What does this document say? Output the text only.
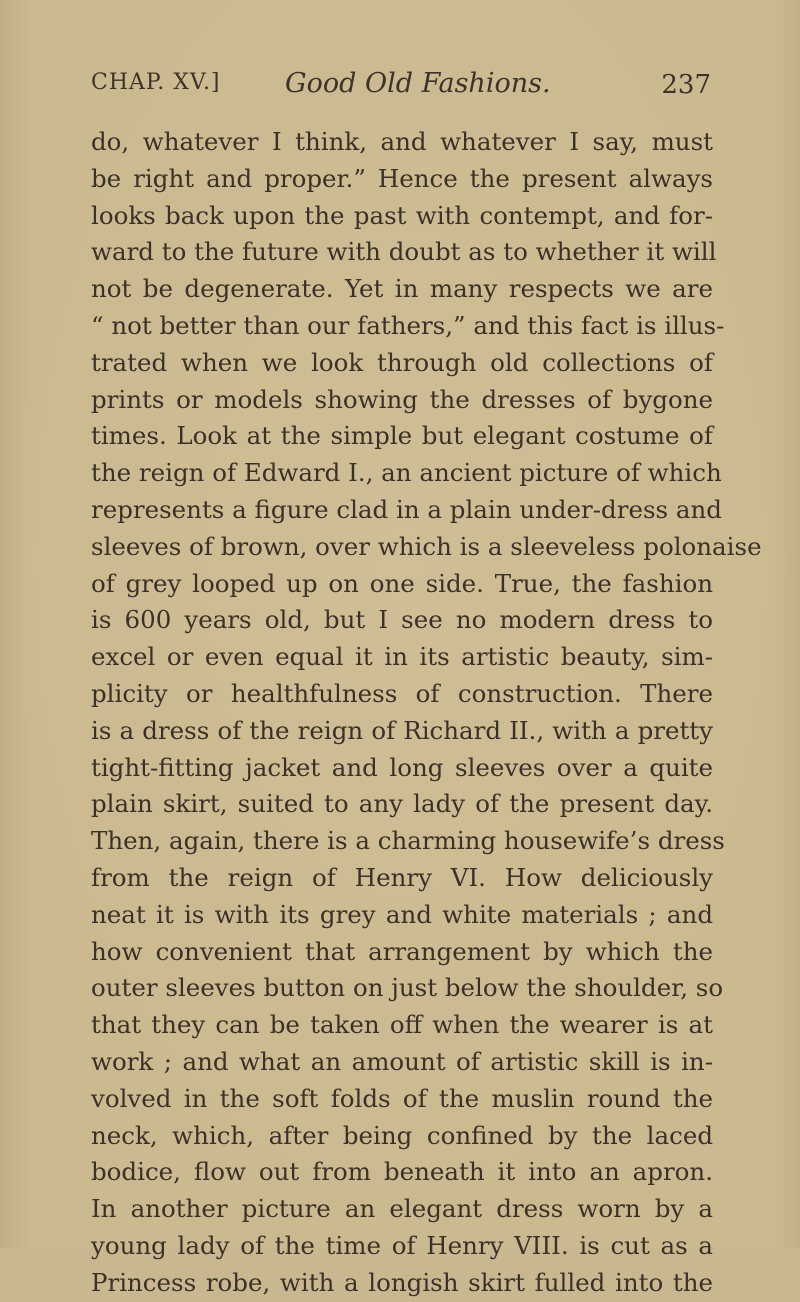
CHAP. XV.] Good Old Fashions.	237
do, whatever I think, and whatever I say, must
be right and proper.” Hence the present always
looks back upon the past with contempt, and for-
ward to the future with doubt as to whether it will
not be degenerate. Yet in many respects we are
“ not better than our fathers,” and this fact is illus-
trated when we look through old collections of
prints or models showing the dresses of bygone
times. Look at the simple but elegant costume of
the reign of Edward I., an ancient picture of which
represents a figure clad in a plain under-dress and
sleeves of brown, over which is a sleeveless polonaise
of grey looped up on one side. True, the fashion
is 600 years old, but I see no modern dress to
excel or even equal it in its artistic beauty, sim-
plicity or healthfulness of construction. There
is a dress of the reign of Richard II., with a pretty
tight-fitting jacket and long sleeves over a quite
plain skirt, suited to any lady of the present day.
Then, again, there is a charming housewife’s dress
from the reign of Henry VI. How deliciously
neat it is with its grey and white materials ; and
how convenient that arrangement by which the
outer sleeves button on just below the shoulder, so
that they can be taken off when the wearer is at
work ; and what an amount of artistic skill is in-
volved in the soft folds of the muslin round the
neck, which, after being confined by the laced
bodice, flow out from beneath it into an apron.
In another picture an elegant dress worn by a
young lady of the time of Henry VIII. is cut as a
Princess robe, with a longish skirt fulled into the
